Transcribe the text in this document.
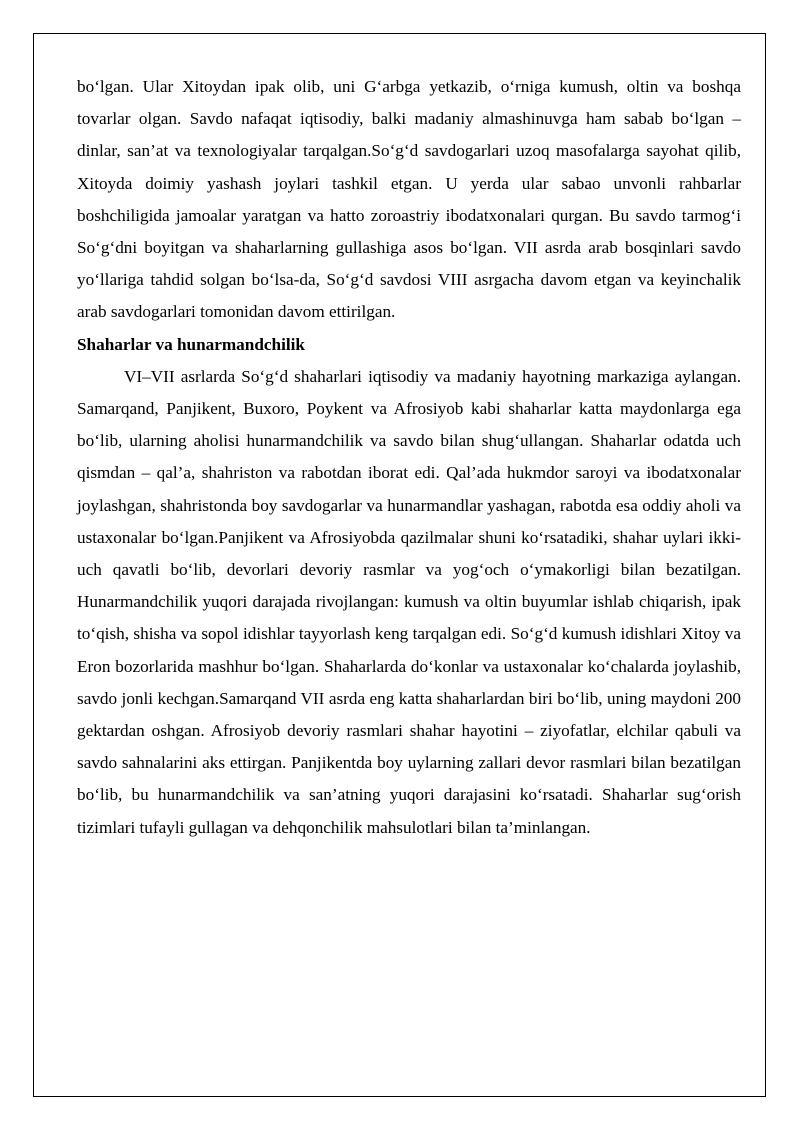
bo‘lgan. Ular Xitoydan ipak olib, uni G‘arbga yetkazib, o‘rniga kumush, oltin va boshqa tovarlar olgan. Savdo nafaqat iqtisodiy, balki madaniy almashinuvga ham sabab bo‘lgan – dinlar, san’at va texnologiyalar tarqalgan.So‘g‘d savdogarlari uzoq masofalarga sayohat qilib, Xitoyda doimiy yashash joylari tashkil etgan. U yerda ular sabao unvonli rahbarlar boshchiligida jamoalar yaratgan va hatto zoroastriy ibodatxonalari qurgan. Bu savdo tarmog‘i So‘g‘dni boyitgan va shaharlarning gullashiga asos bo‘lgan. VII asrda arab bosqinlari savdo yo‘llariga tahdid solgan bo‘lsa-da, So‘g‘d savdosi VIII asrgacha davom etgan va keyinchalik arab savdogarlari tomonidan davom ettirilgan.

Shaharlar va hunarmandchilik

VI–VII asrlarda So‘g‘d shaharlari iqtisodiy va madaniy hayotning markaziga aylangan. Samarqand, Panjikent, Buxoro, Poykent va Afrosiyob kabi shaharlar katta maydonlarga ega bo‘lib, ularning aholisi hunarmandchilik va savdo bilan shug‘ullangan. Shaharlar odatda uch qismdan – qal’a, shahriston va rabotdan iborat edi. Qal’ada hukmdor saroyi va ibodatxonalar joylashgan, shahristonda boy savdogarlar va hunarmandlar yashagan, rabotda esa oddiy aholi va ustaxonalar bo‘lgan.Panjikent va Afrosiyobda qazilmalar shuni ko‘rsatadiki, shahar uylari ikki-uch qavatli bo‘lib, devorlari devoriy rasmlar va yog‘och o‘ymakorligi bilan bezatilgan. Hunarmandchilik yuqori darajada rivojlangan: kumush va oltin buyumlar ishlab chiqarish, ipak to‘qish, shisha va sopol idishlar tayyorlash keng tarqalgan edi. So‘g‘d kumush idishlari Xitoy va Eron bozorlarida mashhur bo‘lgan. Shaharlarda do‘konlar va ustaxonalar ko‘chalarda joylashib, savdo jonli kechgan.Samarqand VII asrda eng katta shaharlardan biri bo‘lib, uning maydoni 200 gektardan oshgan. Afrosiyob devoriy rasmlari shahar hayotini – ziyofatlar, elchilar qabuli va savdo sahnalarini aks ettirgan. Panjikentda boy uylarning zallari devor rasmlari bilan bezatilgan bo‘lib, bu hunarmandchilik va san’atning yuqori darajasini ko‘rsatadi. Shaharlar sug‘orish tizimlari tufayli gullagan va dehqonchilik mahsulotlari bilan ta’minlangan.
